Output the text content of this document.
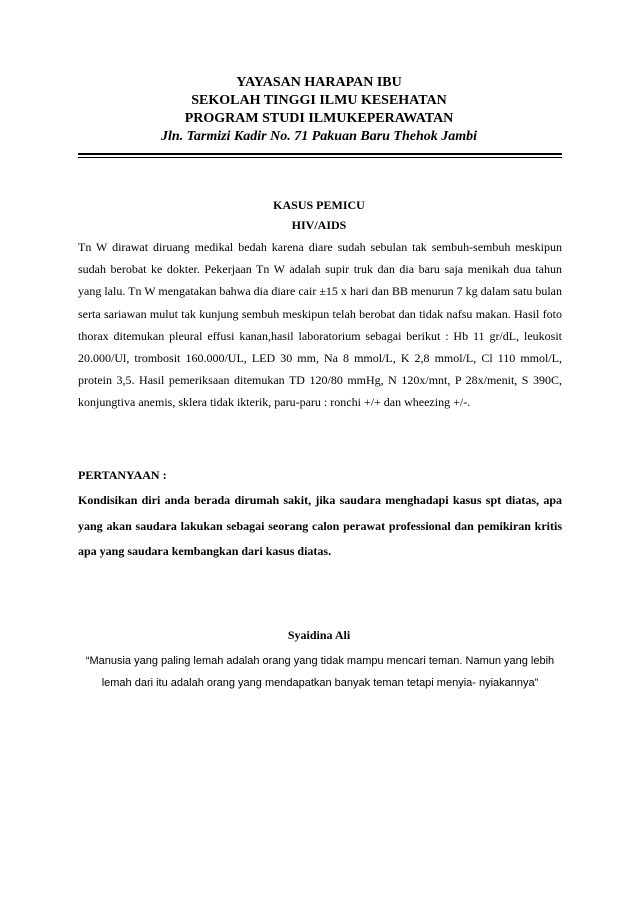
YAYASAN HARAPAN IBU
SEKOLAH TINGGI ILMU KESEHATAN
PROGRAM STUDI ILMUKEPERAWATAN
Jln. Tarmizi Kadir No. 71 Pakuan Baru Thehok Jambi
KASUS PEMICU
HIV/AIDS
Tn W dirawat diruang medikal bedah karena diare sudah sebulan tak sembuh-sembuh meskipun sudah berobat ke dokter. Pekerjaan Tn W adalah supir truk dan dia baru saja menikah dua tahun yang lalu. Tn W mengatakan bahwa dia diare cair ±15 x hari dan BB menurun 7 kg dalam satu bulan serta sariawan mulut tak kunjung sembuh meskipun telah berobat dan tidak nafsu makan. Hasil foto thorax ditemukan pleural effusi kanan,hasil laboratorium sebagai berikut : Hb 11 gr/dL, leukosit 20.000/Ul, trombosit 160.000/UL, LED 30 mm, Na 8 mmol/L, K 2,8 mmol/L, Cl 110 mmol/L, protein 3,5. Hasil pemeriksaan ditemukan TD 120/80 mmHg, N 120x/mnt, P 28x/menit, S 390C, konjungtiva anemis, sklera tidak ikterik, paru-paru : ronchi +/+ dan wheezing +/-.
PERTANYAAN :
Kondisikan diri anda berada dirumah sakit, jika saudara menghadapi kasus spt diatas, apa yang akan saudara lakukan sebagai seorang calon perawat professional dan pemikiran kritis apa yang saudara kembangkan dari kasus diatas.
Syaidina Ali
“Manusia yang paling lemah adalah orang yang tidak mampu mencari teman. Namun yang lebih lemah dari itu adalah orang yang mendapatkan banyak teman tetapi menyia- nyiakannya”
